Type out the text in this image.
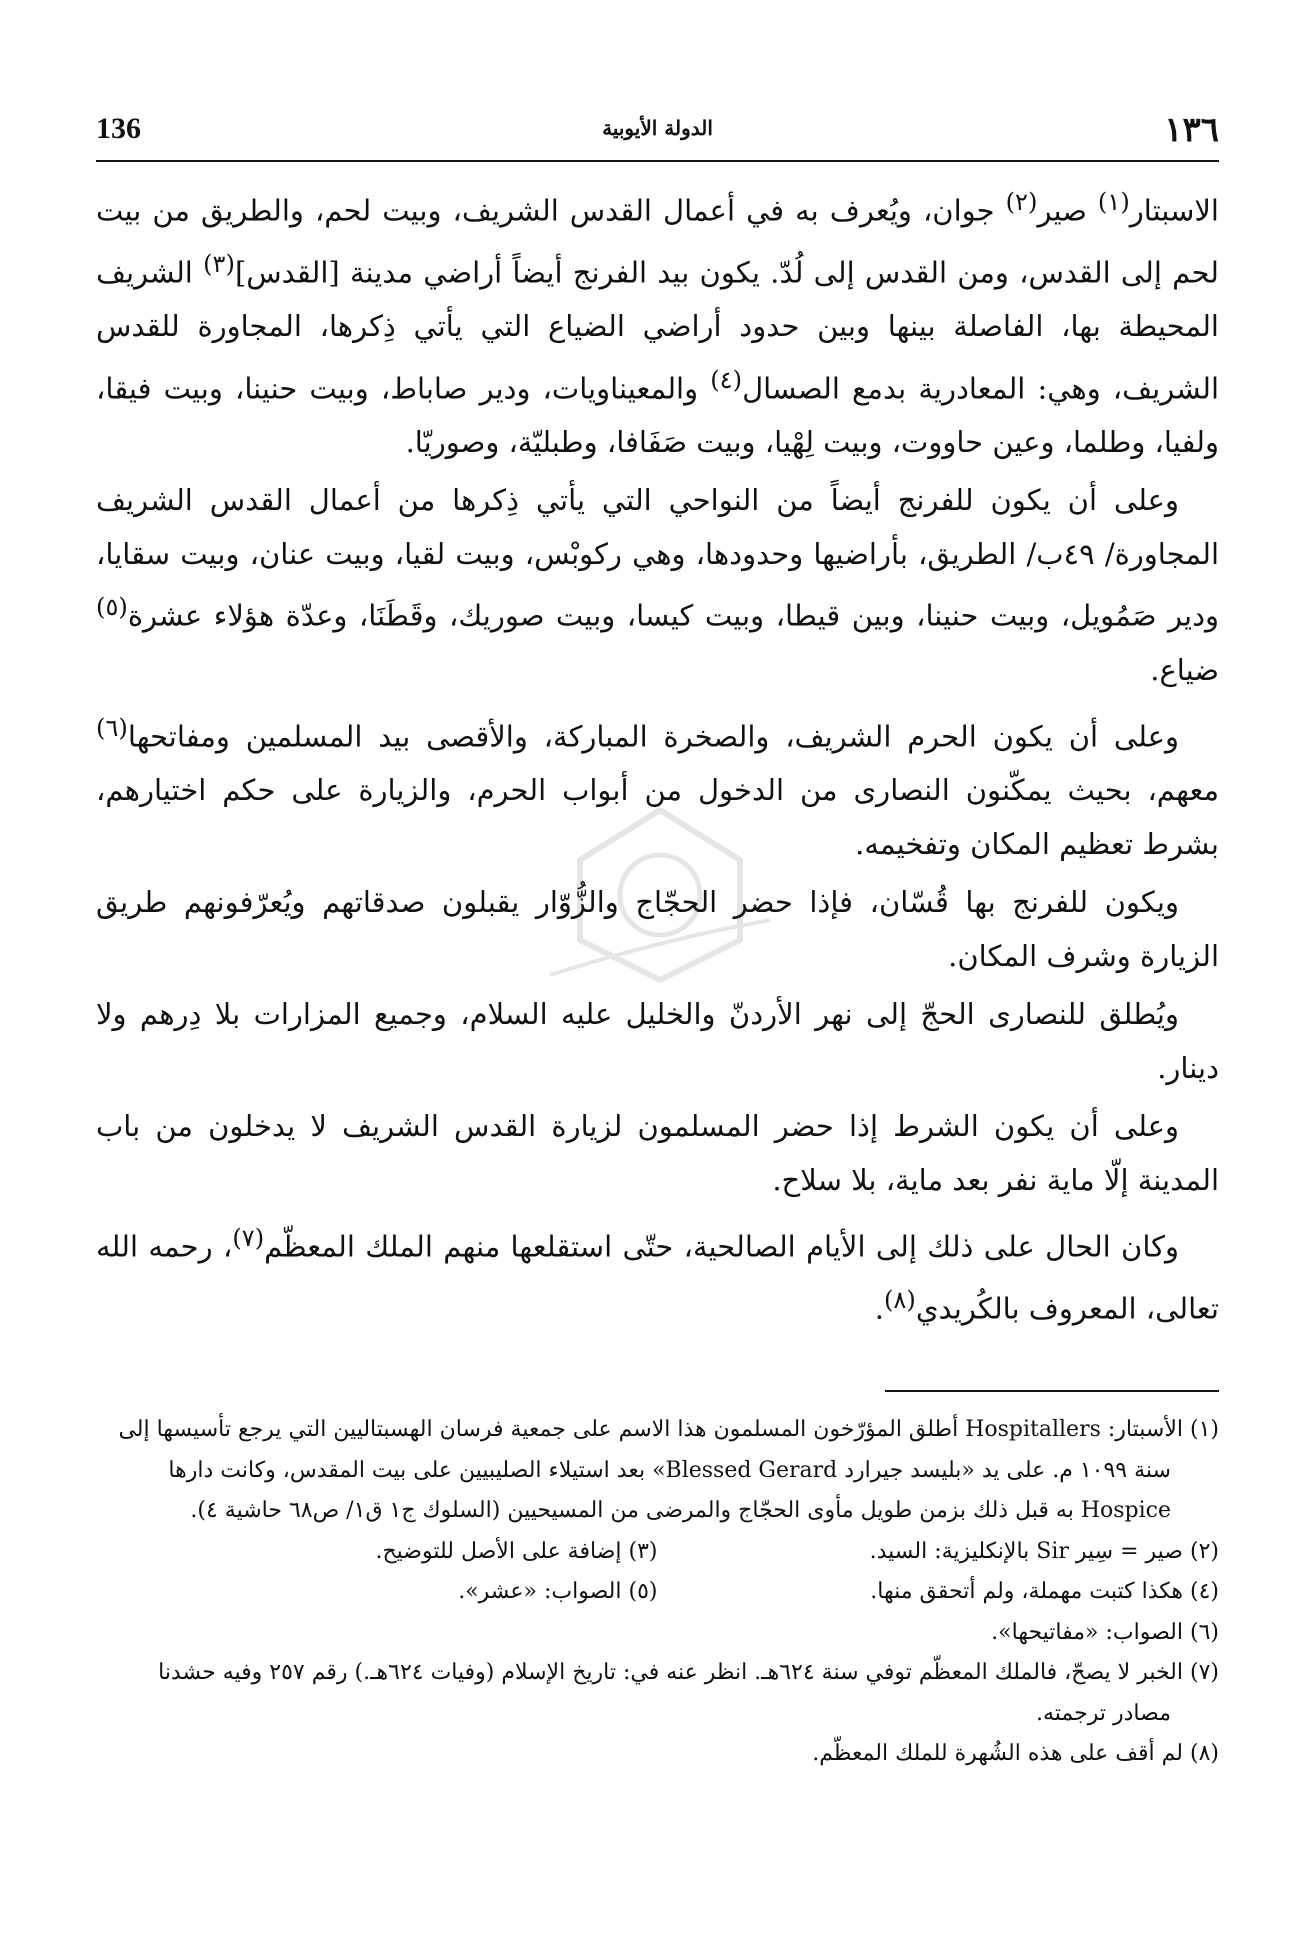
136	الدولة الأيوبية	١٣٦

الاسبتار$^{(١)}$ صير$^{(٢)}$ جوان، ويُعرف به في أعمال القدس الشريف، وبيت لحم، والطريق من بيت لحم إلى القدس، ومن القدس إلى لُدّ. يكون بيد الفرنج أيضاً أراضي مدينة [القدس]$^{(٣)}$ الشريف المحيطة بها، الفاصلة بينها وبين حدود أراضي الضياع التي يأتي ذِكرها، المجاورة للقدس الشريف، وهي: المعادرية بدمع الصسال$^{(٤)}$ والمعيناويات، ودير صاباط، وبيت حنينا، وبيت فيقا، ولفيا، وطلما، وعين حاووت، وبيت لِهْيا، وبيت صَفَافا، وطبليّة، وصوريّا.

وعلى أن يكون للفرنج أيضاً من النواحي التي يأتي ذِكرها من أعمال القدس الشريف المجاورة/ ٤٩ب/ الطريق، بأراضيها وحدودها، وهي ركوبْس، وبيت لقيا، وبيت عنان، وبيت سقايا، ودير صَمُويل، وبيت حنينا، وبين قيطا، وبيت كيسا، وبيت صوريك، وقَطَنَا، وعدّة هؤلاء عشرة$^{(٥)}$ ضياع.

وعلى أن يكون الحرم الشريف، والصخرة المباركة، والأقصى بيد المسلمين ومفاتحها$^{(٦)}$ معهم، بحيث يمكّنون النصارى من الدخول من أبواب الحرم، والزيارة على حكم اختيارهم، بشرط تعظيم المكان وتفخيمه.

ويكون للفرنج بها قُسّان، فإذا حضر الحجّاج والزُّوّار يقبلون صدقاتهم ويُعرّفونهم طريق الزيارة وشرف المكان.

ويُطلق للنصارى الحجّ إلى نهر الأردنّ والخليل عليه السلام، وجميع المزارات بلا دِرهم ولا دينار.

وعلى أن يكون الشرط إذا حضر المسلمون لزيارة القدس الشريف لا يدخلون من باب المدينة إلّا ماية نفر بعد ماية، بلا سلاح.

وكان الحال على ذلك إلى الأيام الصالحية، حتّى استقلعها منهم الملك المعظّم$^{(٧)}$، رحمه الله تعالى، المعروف بالكُريدي$^{(٨)}$.

(١) الأسبتار: Hospitallers أطلق المؤرّخون المسلمون هذا الاسم على جمعية فرسان الهسبتاليين التي يرجع تأسيسها إلى سنة ١٠٩٩ م. على يد «بليسد جيرارد Blessed Gerard» بعد استيلاء الصليبيين على بيت المقدس، وكانت دارها Hospice به قبل ذلك بزمن طويل مأوى الحجّاج والمرضى من المسيحيين (السلوك ج١ ق١/ ص٦٨ حاشية ٤).

(٢) صير = سِير Sir بالإنكليزية: السيد.
(٣) إضافة على الأصل للتوضيح.
(٤) هكذا كتبت مهملة، ولم أتحقق منها.
(٥) الصواب: «عشر».

(٦) الصواب: «مفاتيحها».

(٧) الخبر لا يصحّ، فالملك المعظّم توفي سنة ٦٢٤هـ. انظر عنه في: تاريخ الإسلام (وفيات ٦٢٤هـ.) رقم ٢٥٧ وفيه حشدنا مصادر ترجمته.

(٨) لم أقف على هذه الشُهرة للملك المعظّم.
